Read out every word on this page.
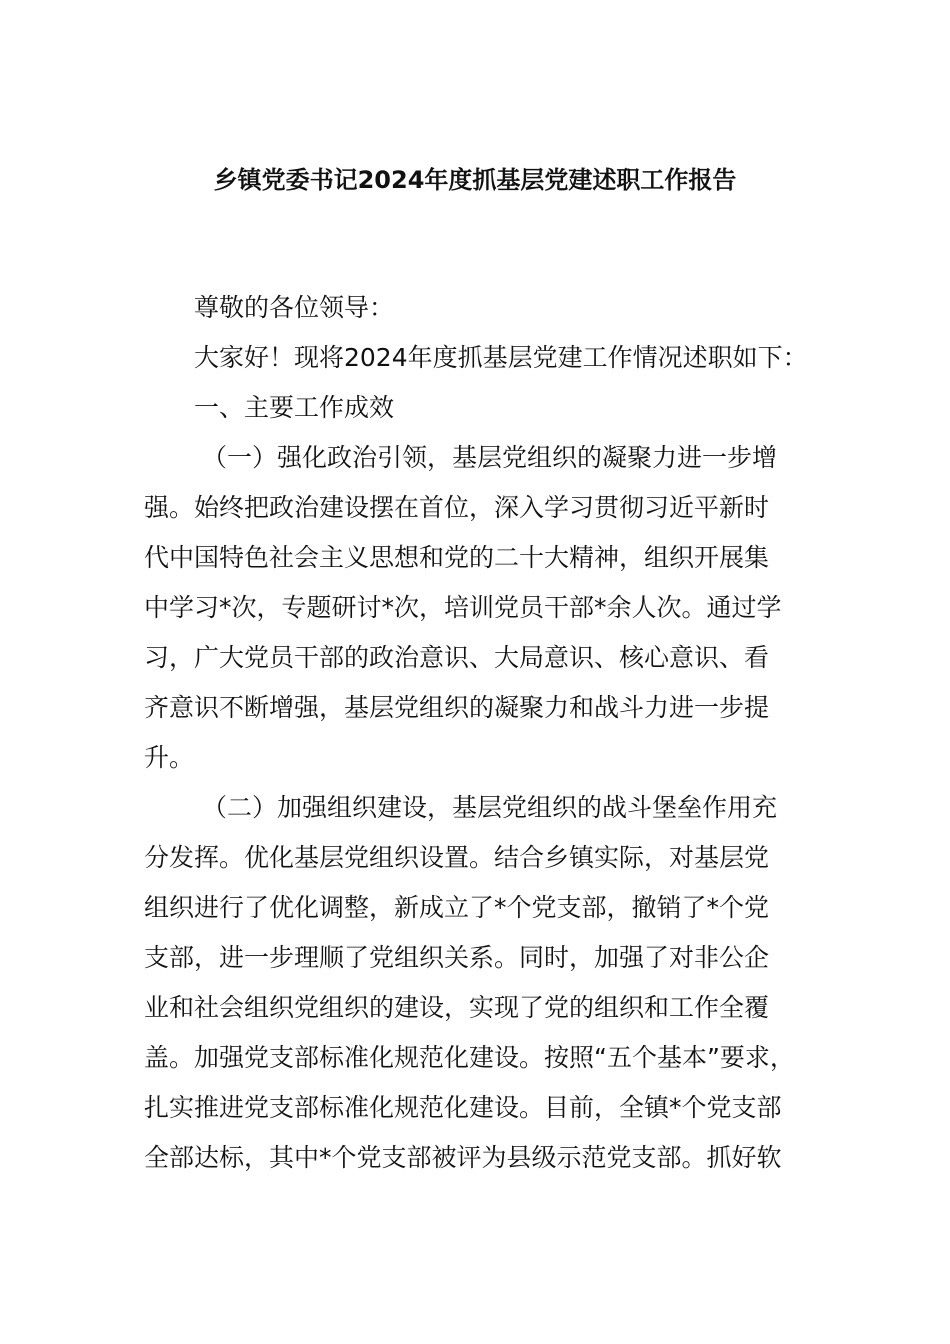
乡镇党委书记2024年度抓基层党建述职工作报告
尊敬的各位领导：
大家好！现将2024年度抓基层党建工作情况述职如下：
一、主要工作成效
（一）强化政治引领，基层党组织的凝聚力进一步增
强。始终把政治建设摆在首位，深入学习贯彻习近平新时
代中国特色社会主义思想和党的二十大精神，组织开展集
中学习*次，专题研讨*次，培训党员干部*余人次。通过学
习，广大党员干部的政治意识、大局意识、核心意识、看
齐意识不断增强，基层党组织的凝聚力和战斗力进一步提
升。
（二）加强组织建设，基层党组织的战斗堡垒作用充
分发挥。优化基层党组织设置。结合乡镇实际，对基层党
组织进行了优化调整，新成立了*个党支部，撤销了*个党
支部，进一步理顺了党组织关系。同时，加强了对非公企
业和社会组织党组织的建设，实现了党的组织和工作全覆
盖。加强党支部标准化规范化建设。按照“五个基本”要求，
扎实推进党支部标准化规范化建设。目前，全镇*个党支部
全部达标，其中*个党支部被评为县级示范党支部。抓好软
